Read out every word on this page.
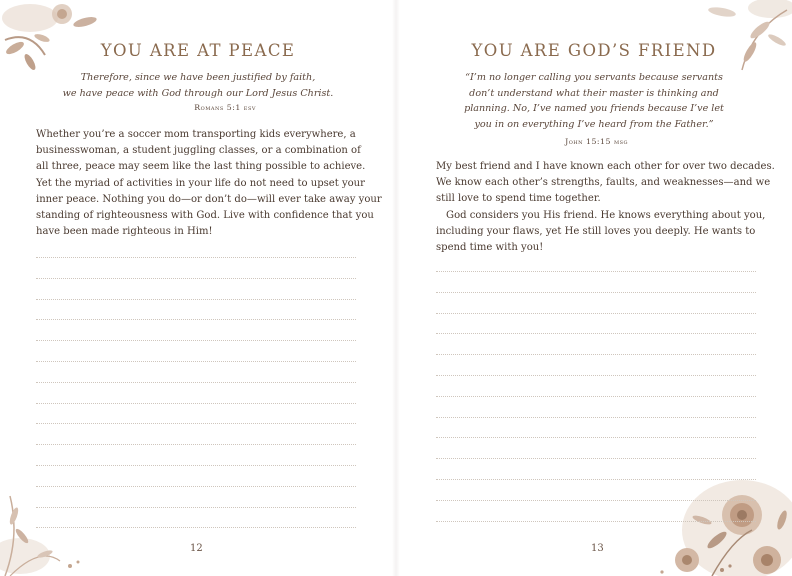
YOU ARE AT PEACE
Therefore, since we have been justified by faith,
we have peace with God through our Lord Jesus Christ.
Romans 5:1 esv
Whether you’re a soccer mom transporting kids everywhere, a
businesswoman, a student juggling classes, or a combination of
all three, peace may seem like the last thing possible to achieve.
Yet the myriad of activities in your life do not need to upset your
inner peace. Nothing you do—or don’t do—will ever take away your
standing of righteousness with God. Live with confidence that you
have been made righteous in Him!
12
YOU ARE GOD’S FRIEND
“I’m no longer calling you servants because servants
don’t understand what their master is thinking and
planning. No, I’ve named you friends because I’ve let
you in on everything I’ve heard from the Father.”
John 15:15 msg
My best friend and I have known each other for over two decades.
We know each other’s strengths, faults, and weaknesses—and we
still love to spend time together.
 God considers you His friend. He knows everything about you,
including your flaws, yet He still loves you deeply. He wants to
spend time with you!
13
